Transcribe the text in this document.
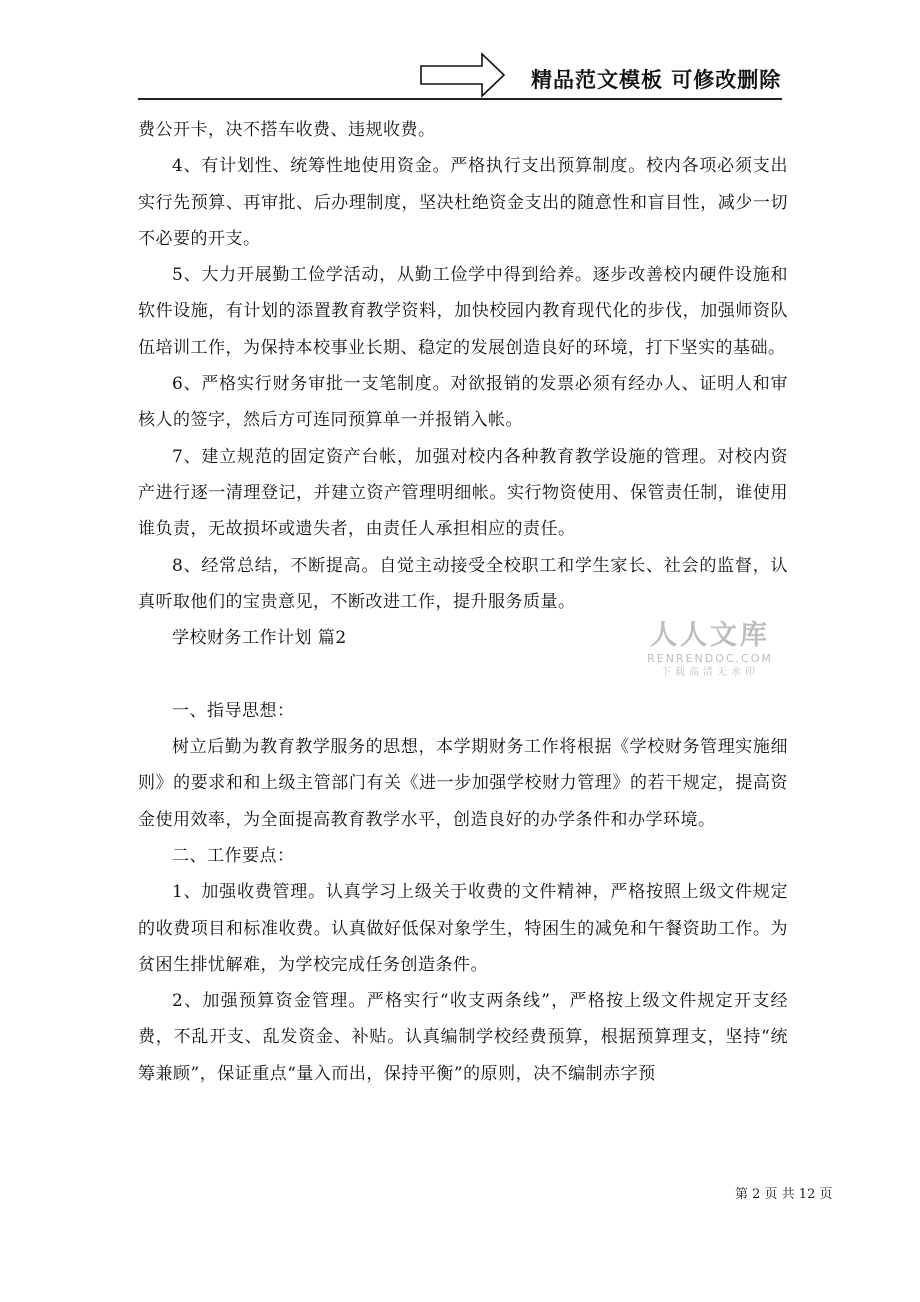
精品范文模板 可修改删除

费公开卡，决不搭车收费、违规收费。

4、有计划性、统筹性地使用资金。严格执行支出预算制度。校内各项必须支出实行先预算、再审批、后办理制度，坚决杜绝资金支出的随意性和盲目性，减少一切不必要的开支。

5、大力开展勤工俭学活动，从勤工俭学中得到给养。逐步改善校内硬件设施和软件设施，有计划的添置教育教学资料，加快校园内教育现代化的步伐，加强师资队伍培训工作，为保持本校事业长期、稳定的发展创造良好的环境，打下坚实的基础。

6、严格实行财务审批一支笔制度。对欲报销的发票必须有经办人、证明人和审核人的签字，然后方可连同预算单一并报销入帐。

7、建立规范的固定资产台帐，加强对校内各种教育教学设施的管理。对校内资产进行逐一清理登记，并建立资产管理明细帐。实行物资使用、保管责任制，谁使用谁负责，无故损坏或遗失者，由责任人承担相应的责任。

8、经常总结，不断提高。自觉主动接受全校职工和学生家长、社会的监督，认真听取他们的宝贵意见，不断改进工作，提升服务质量。

学校财务工作计划 篇2

一、指导思想：

树立后勤为教育教学服务的思想，本学期财务工作将根据《学校财务管理实施细则》的要求和和上级主管部门有关《进一步加强学校财力管理》的若干规定，提高资金使用效率，为全面提高教育教学水平，创造良好的办学条件和办学环境。

二、工作要点：

1、加强收费管理。认真学习上级关于收费的文件精神，严格按照上级文件规定的收费项目和标准收费。认真做好低保对象学生，特困生的减免和午餐资助工作。为贫困生排忧解难，为学校完成任务创造条件。

2、加强预算资金管理。严格实行“收支两条线”，严格按上级文件规定开支经费，不乱开支、乱发资金、补贴。认真编制学校经费预算，根据预算理支，坚持“统筹兼顾”，保证重点“量入而出，保持平衡”的原则，决不编制赤字预

人人文库
RENRENDOC.COM
下载高清无水印
第 2 页 共 12 页
